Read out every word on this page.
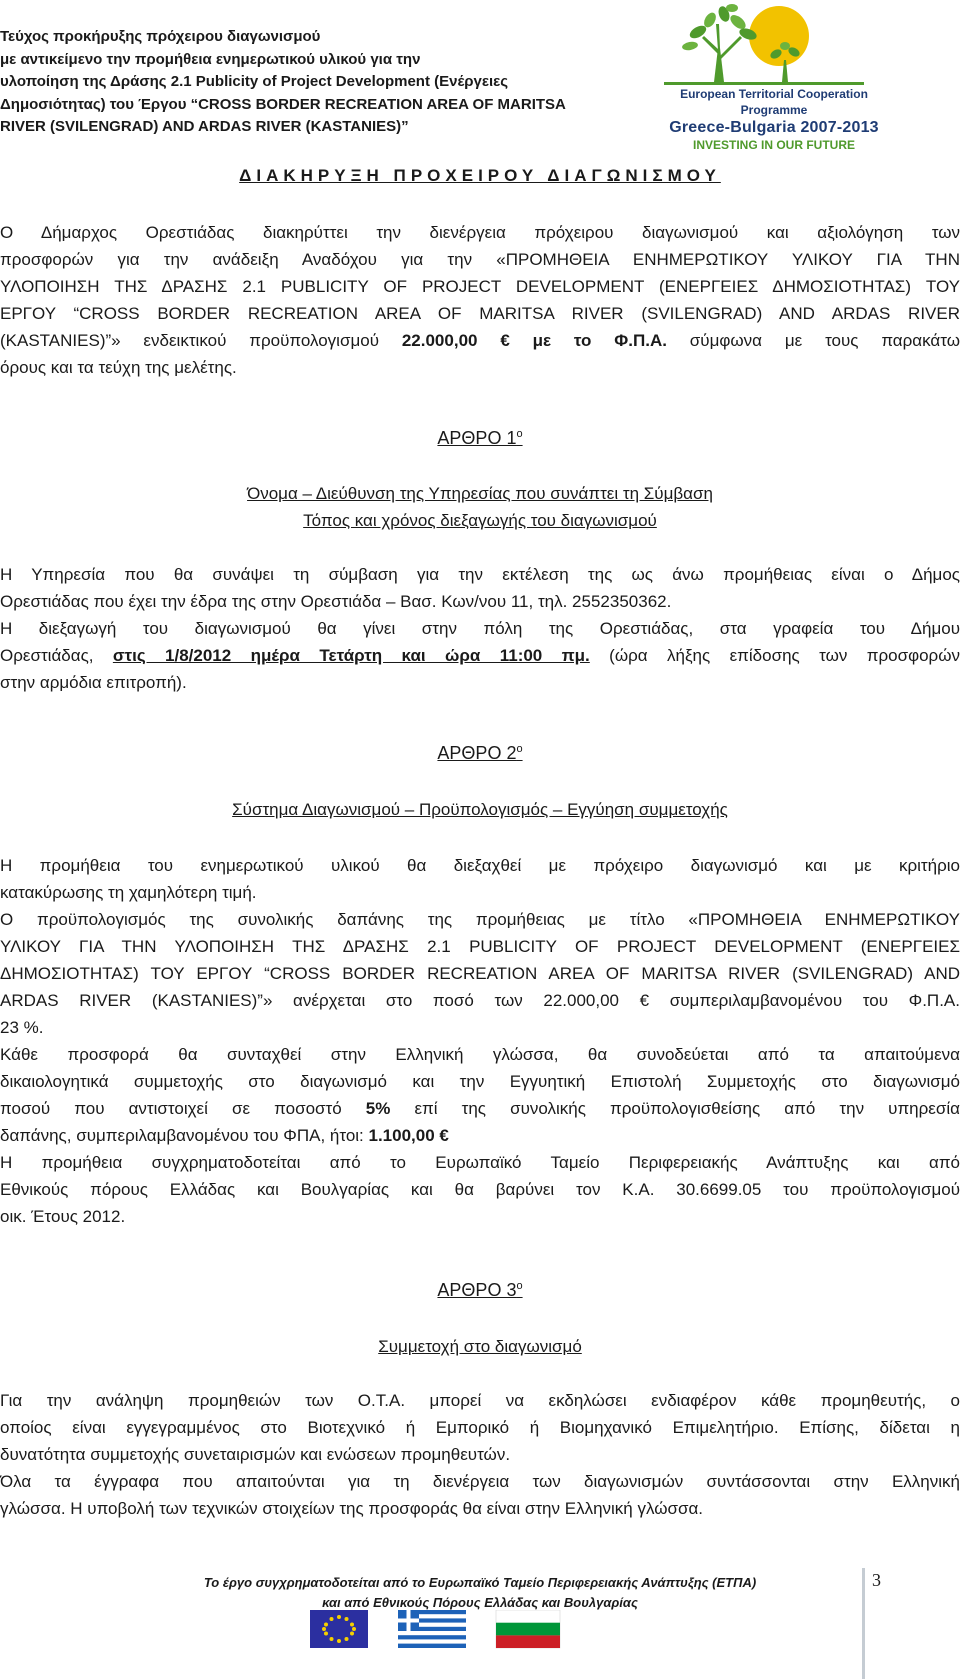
Τεύχος προκήρυξης πρόχειρου διαγωνισμού
με αντικείμενο την προμήθεια ενημερωτικού υλικού για την
υλοποίηση της Δράσης 2.1 Publicity of Project Development (Ενέργειες
Δημοσιότητας) του Έργου “CROSS BORDER RECREATION AREA OF MARITSA
RIVER (SVILENGRAD) AND ARDAS RIVER (KASTANIES)”
European Territorial Cooperation Programme
Greece-Bulgaria 2007-2013
INVESTING IN OUR FUTURE
ΔΙΑΚΗΡΥΞΗ ΠΡΟΧΕΙΡΟΥ ΔΙΑΓΩΝΙΣΜΟΥ
Ο Δήμαρχος Ορεστιάδας διακηρύττει την διενέργεια πρόχειρου διαγωνισμού και αξιολόγηση των
προσφορών για την ανάδειξη Αναδόχου για την «ΠΡΟΜΗΘΕΙΑ ΕΝΗΜΕΡΩΤΙΚΟΥ ΥΛΙΚΟΥ ΓΙΑ ΤΗΝ
ΥΛΟΠΟΙΗΣΗ ΤΗΣ ΔΡΑΣΗΣ 2.1 PUBLICITY OF PROJECT DEVELOPMENT (ΕΝΕΡΓΕΙΕΣ ΔΗΜΟΣΙΟΤΗΤΑΣ) ΤΟΥ
ΕΡΓΟΥ “CROSS BORDER RECREATION AREA OF MARITSA RIVER (SVILENGRAD) AND ARDAS RIVER
(KASTANIES)”» ενδεικτικού προϋπολογισμού 22.000,00 € με το Φ.Π.Α. σύμφωνα με τους παρακάτω
όρους και τα τεύχη της μελέτης.
ΑΡΘΡΟ $1^o$
Όνομα – Διεύθυνση της Υπηρεσίας που συνάπτει τη Σύμβαση
Τόπος και χρόνος διεξαγωγής του διαγωνισμού
Η Υπηρεσία που θα συνάψει τη σύμβαση για την εκτέλεση της ως άνω προμήθειας είναι ο Δήμος
Ορεστιάδας που έχει την έδρα της στην Ορεστιάδα – Βασ. Κων/νου 11, τηλ. 2552350362.
Η διεξαγωγή του διαγωνισμού θα γίνει στην πόλη της Ορεστιάδας, στα γραφεία του Δήμου
Ορεστιάδας, στις 1/8/2012 ημέρα Τετάρτη και ώρα 11:00 πμ. (ώρα λήξης επίδοσης των προσφορών
στην αρμόδια επιτροπή).
ΑΡΘΡΟ $2^o$
Σύστημα Διαγωνισμού – Προϋπολογισμός – Εγγύηση συμμετοχής
Η προμήθεια του ενημερωτικού υλικού θα διεξαχθεί με πρόχειρο διαγωνισμό και με κριτήριο
κατακύρωσης τη χαμηλότερη τιμή.
Ο προϋπολογισμός της συνολικής δαπάνης της προμήθειας με τίτλο «ΠΡΟΜΗΘΕΙΑ ΕΝΗΜΕΡΩΤΙΚΟΥ
ΥΛΙΚΟΥ ΓΙΑ ΤΗΝ ΥΛΟΠΟΙΗΣΗ ΤΗΣ ΔΡΑΣΗΣ 2.1 PUBLICITY OF PROJECT DEVELOPMENT (ΕΝΕΡΓΕΙΕΣ
ΔΗΜΟΣΙΟΤΗΤΑΣ) ΤΟΥ ΕΡΓΟΥ “CROSS BORDER RECREATION AREA OF MARITSA RIVER (SVILENGRAD) AND
ARDAS RIVER (KASTANIES)”» ανέρχεται στο ποσό των 22.000,00 € συμπεριλαμβανομένου του Φ.Π.Α.
23 %.
Κάθε προσφορά θα συνταχθεί στην Ελληνική γλώσσα, θα συνοδεύεται από τα απαιτούμενα
δικαιολογητικά συμμετοχής στο διαγωνισμό και την Εγγυητική Επιστολή Συμμετοχής στο διαγωνισμό
ποσού που αντιστοιχεί σε ποσοστό 5% επί της συνολικής προϋπολογισθείσης από την υπηρεσία
δαπάνης, συμπεριλαμβανομένου του ΦΠΑ, ήτοι: 1.100,00 €
Η προμήθεια συγχρηματοδοτείται από το Ευρωπαϊκό Ταμείο Περιφερειακής Ανάπτυξης και από
Εθνικούς πόρους Ελλάδας και Βουλγαρίας και θα βαρύνει τον Κ.Α. 30.6699.05 του προϋπολογισμού
οικ. Έτους 2012.
ΑΡΘΡΟ $3^o$
Συμμετοχή στο διαγωνισμό
Για την ανάληψη προμηθειών των Ο.Τ.Α. μπορεί να εκδηλώσει ενδιαφέρον κάθε προμηθευτής, ο
οποίος είναι εγγεγραμμένος στο Βιοτεχνικό ή Εμπορικό ή Βιομηχανικό Επιμελητήριο. Επίσης, δίδεται η
δυνατότητα συμμετοχής συνεταιρισμών και ενώσεων προμηθευτών.
Όλα τα έγγραφα που απαιτούνται για τη διενέργεια των διαγωνισμών συντάσσονται στην Ελληνική
γλώσσα. Η υποβολή των τεχνικών στοιχείων της προσφοράς θα είναι στην Ελληνική γλώσσα.
Το έργο συγχρηματοδοτείται από το Ευρωπαϊκό Ταμείο Περιφερειακής Ανάπτυξης (ΕΤΠΑ)
και από Εθνικούς Πόρους Ελλάδας και Βουλγαρίας
3
